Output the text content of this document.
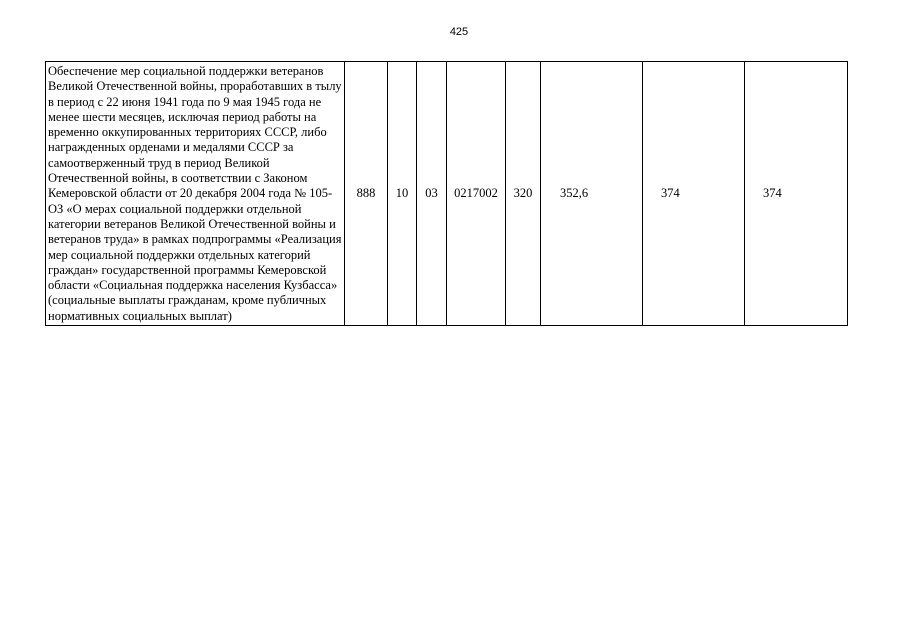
425
Обеспечение мер социальной поддержки ветеранов Великой Отечественной войны, проработавших в тылу в период с 22 июня 1941 года по 9 мая 1945 года не менее шести месяцев, исключая период работы на временно оккупированных территориях СССР, либо награжденных орденами и медалями СССР за самоотверженный труд в период Великой Отечественной войны, в соответствии с Законом Кемеровской области от 20 декабря 2004 года № 105-ОЗ «О мерах социальной поддержки отдельной категории ветеранов Великой Отечественной войны и ветеранов труда» в рамках подпрограммы «Реализация мер социальной поддержки отдельных категорий граждан» государственной программы Кемеровской области «Социальная поддержка населения Кузбасса» (социальные выплаты гражданам, кроме публичных нормативных социальных выплат)	888	10	03	0217002	320	352,6	374	374
